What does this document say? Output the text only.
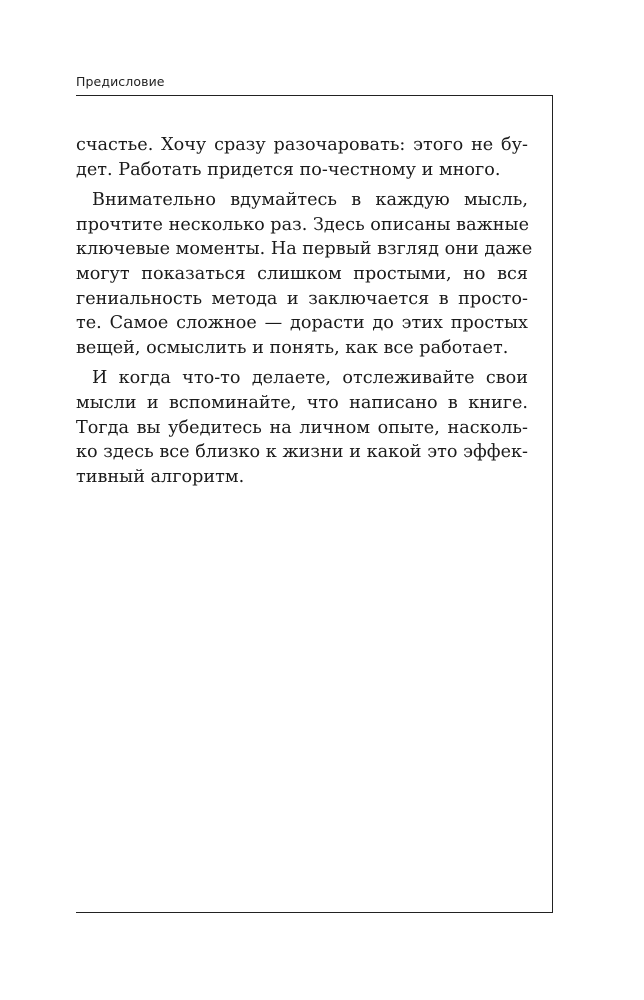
Предисловие
счастье. Хочу сразу разочаровать: этого не бу-
дет. Работать придется по-честному и много.
Внимательно вдумайтесь в каждую мысль,
прочтите несколько раз. Здесь описаны важные
ключевые моменты. На первый взгляд они даже
могут показаться слишком простыми, но вся
гениальность метода и заключается в просто-
те. Самое сложное — дорасти до этих простых
вещей, осмыслить и понять, как все работает.
И когда что-то делаете, отслеживайте свои
мысли и вспоминайте, что написано в книге.
Тогда вы убедитесь на личном опыте, насколь-
ко здесь все близко к жизни и какой это эффек-
тивный алгоритм.
